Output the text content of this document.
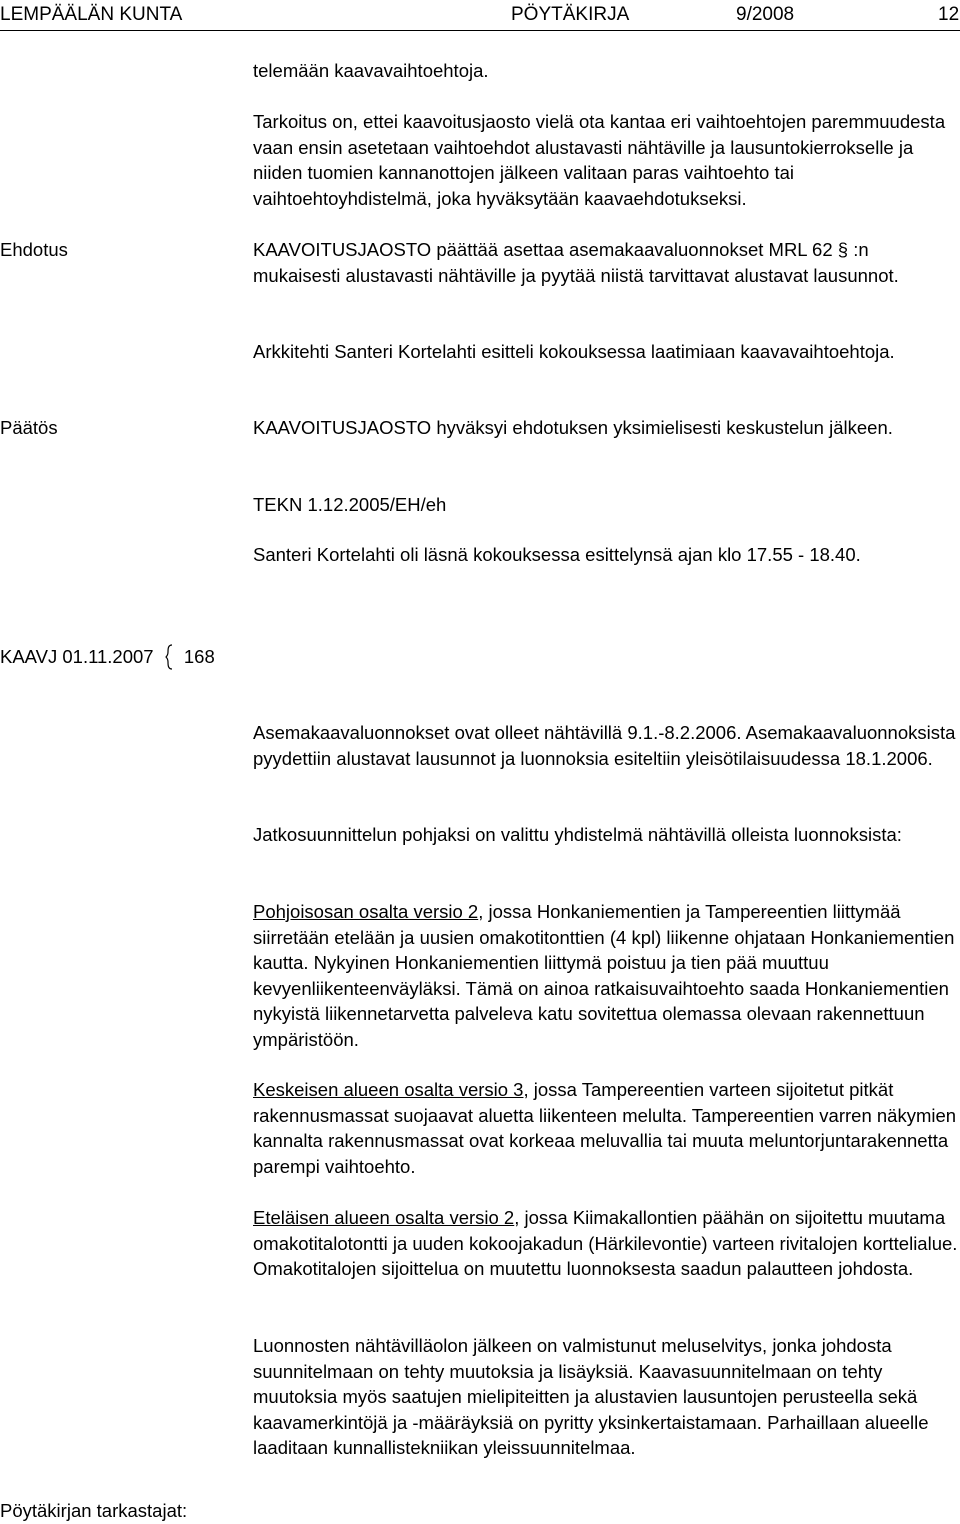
LEMPÄÄLÄN KUNTA	PÖYTÄKIRJA	9/2008	12

telemään kaavavaihtoehtoja.

Tarkoitus on, ettei kaavoitusjaosto vielä ota kantaa eri vaihtoehtojen paremmuudesta vaan ensin asetetaan vaihtoehdot alustavasti nähtäville ja lausuntokierrokselle ja niiden tuomien kannanottojen jälkeen valitaan paras vaihtoehto tai vaihtoehtoyhdistelmä, joka hyväksytään kaavaehdotukseksi.

Ehdotus	KAAVOITUSJAOSTO päättää asettaa asemakaavaluonnokset MRL 62 § :n mukaisesti alustavasti nähtäville ja pyytää niistä tarvittavat alustavat lausunnot.

Arkkitehti Santeri Kortelahti esitteli kokouksessa laatimiaan kaavavaihtoehtoja.

Päätös	KAAVOITUSJAOSTO hyväksyi ehdotuksen yksimielisesti keskustelun jälkeen.

TEKN 1.12.2005/EH/eh

Santeri Kortelahti oli läsnä kokouksessa esittelynsä ajan klo 17.55 - 18.40.

KAAVJ 01.11.2007 168

Asemakaavaluonnokset ovat olleet nähtävillä 9.1.-8.2.2006. Asemakaavaluonnoksista pyydettiin alustavat lausunnot ja luonnoksia esiteltiin yleisötilaisuudessa 18.1.2006.

Jatkosuunnittelun pohjaksi on valittu yhdistelmä nähtävillä olleista luonnoksista:

Pohjoisosan osalta versio 2, jossa Honkaniementien ja Tampereentien liittymää siirretään etelään ja uusien omakotitonttien (4 kpl) liikenne ohjataan Honkaniementien kautta. Nykyinen Honkaniementien liittymä poistuu ja tien pää muuttuu kevyenliikenteenväyläksi. Tämä on ainoa ratkaisuvaihtoehto saada Honkaniementien nykyistä liikennetarvetta palveleva katu sovitettua olemassa olevaan rakennettuun ympäristöön.

Keskeisen alueen osalta versio 3, jossa Tampereentien varteen sijoitetut pitkät rakennusmassat suojaavat aluetta liikenteen melulta. Tampereentien varren näkymien kannalta rakennusmassat ovat korkeaa meluvallia tai muuta meluntorjuntarakennetta parempi vaihtoehto.

Eteläisen alueen osalta versio 2, jossa Kiimakallontien päähän on sijoitettu muutama omakotitalotontti ja uuden kokoojakadun (Härkilevontie) varteen rivitalojen korttelialue. Omakotitalojen sijoittelua on muutettu luonnoksesta saadun palautteen johdosta.

Luonnosten nähtävilläolon jälkeen on valmistunut meluselvitys, jonka johdosta suunnitelmaan on tehty muutoksia ja lisäyksiä. Kaavasuunnitelmaan on tehty muutoksia myös saatujen mielipiteitten ja alustavien lausuntojen perusteella sekä kaavamerkintöjä ja -määräyksiä on pyritty yksinkertaistamaan. Parhaillaan alueelle laaditaan kunnallistekniikan yleissuunnitelmaa.

Pöytäkirjan tarkastajat:
